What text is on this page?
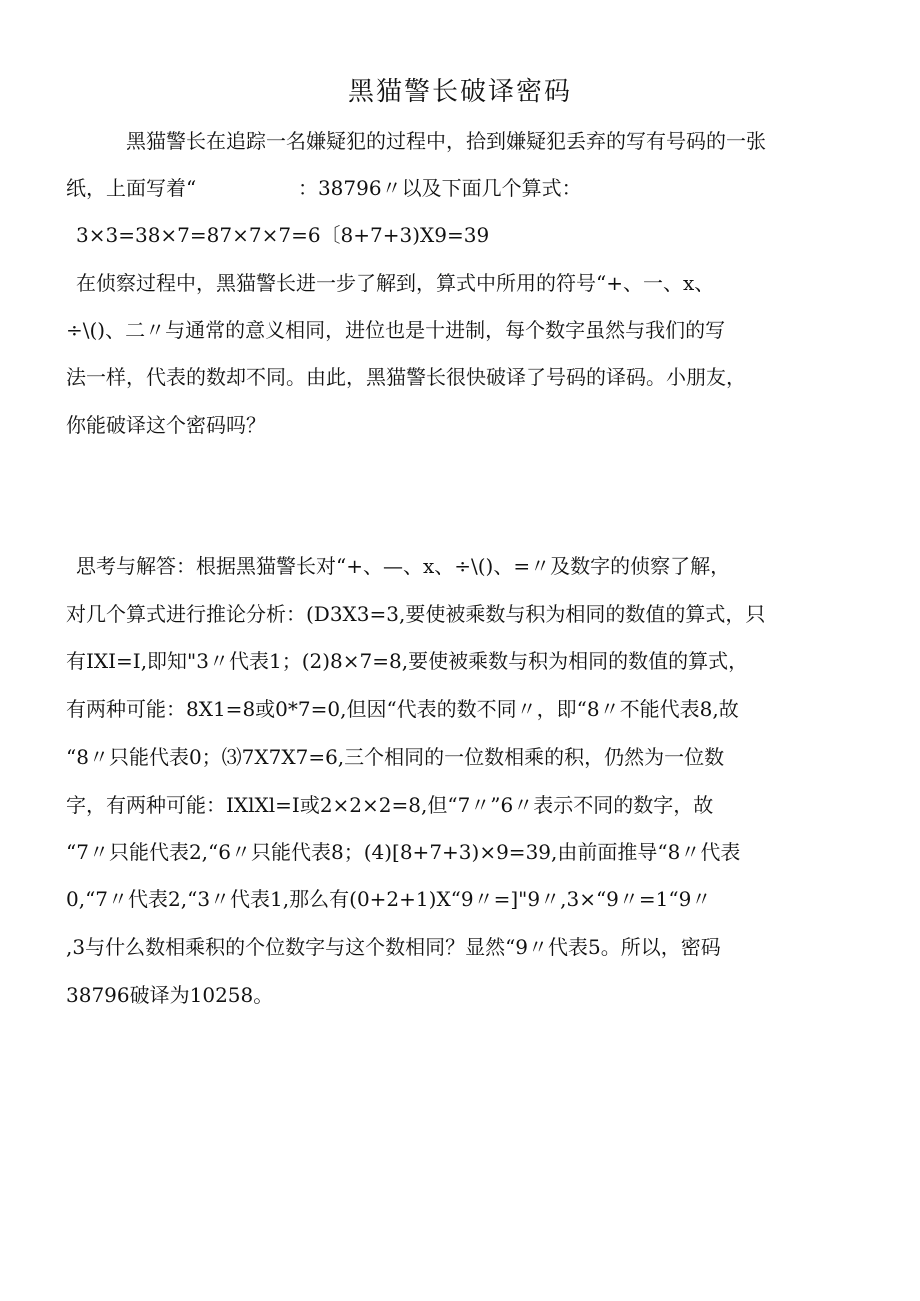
黑猫警长破译密码

黑猫警长在追踪一名嫌疑犯的过程中，拾到嫌疑犯丢弃的写有号码的一张

纸，上面写着“                ：38796〃以及下面几个算式：

3×3=38×7=87×7×7=6〔8+7+3)X9=39

在侦察过程中，黑猫警长进一步了解到，算式中所用的符号“+、一、x、

÷\()、二〃与通常的意义相同，进位也是十进制，每个数字虽然与我们的写

法一样，代表的数却不同。由此，黑猫警长很快破译了号码的译码。小朋友，

你能破译这个密码吗？

思考与解答：根据黑猫警长对“+、—、x、÷\()、=〃及数字的侦察了解，

对几个算式进行推论分析：(D3X3=3,要使被乘数与积为相同的数值的算式，只

有IXI=I,即知"3〃代表1；(2)8×7=8,要使被乘数与积为相同的数值的算式，

有两种可能：8X1=8或0*7=0,但因“代表的数不同〃，即“8〃不能代表8,故

“8〃只能代表0；⑶7X7X7=6,三个相同的一位数相乘的积，仍然为一位数

字，有两种可能：IXlXl=I或2×2×2=8,但“7〃”6〃表示不同的数字，故

“7〃只能代表2,“6〃只能代表8；(4)[8+7+3)×9=39,由前面推导“8〃代表

0,“7〃代表2,“3〃代表1,那么有(0+2+1)X“9〃=]"9〃,3×“9〃=1“9〃

,3与什么数相乘积的个位数字与这个数相同？显然“9〃代表5。所以，密码

38796破译为10258。
